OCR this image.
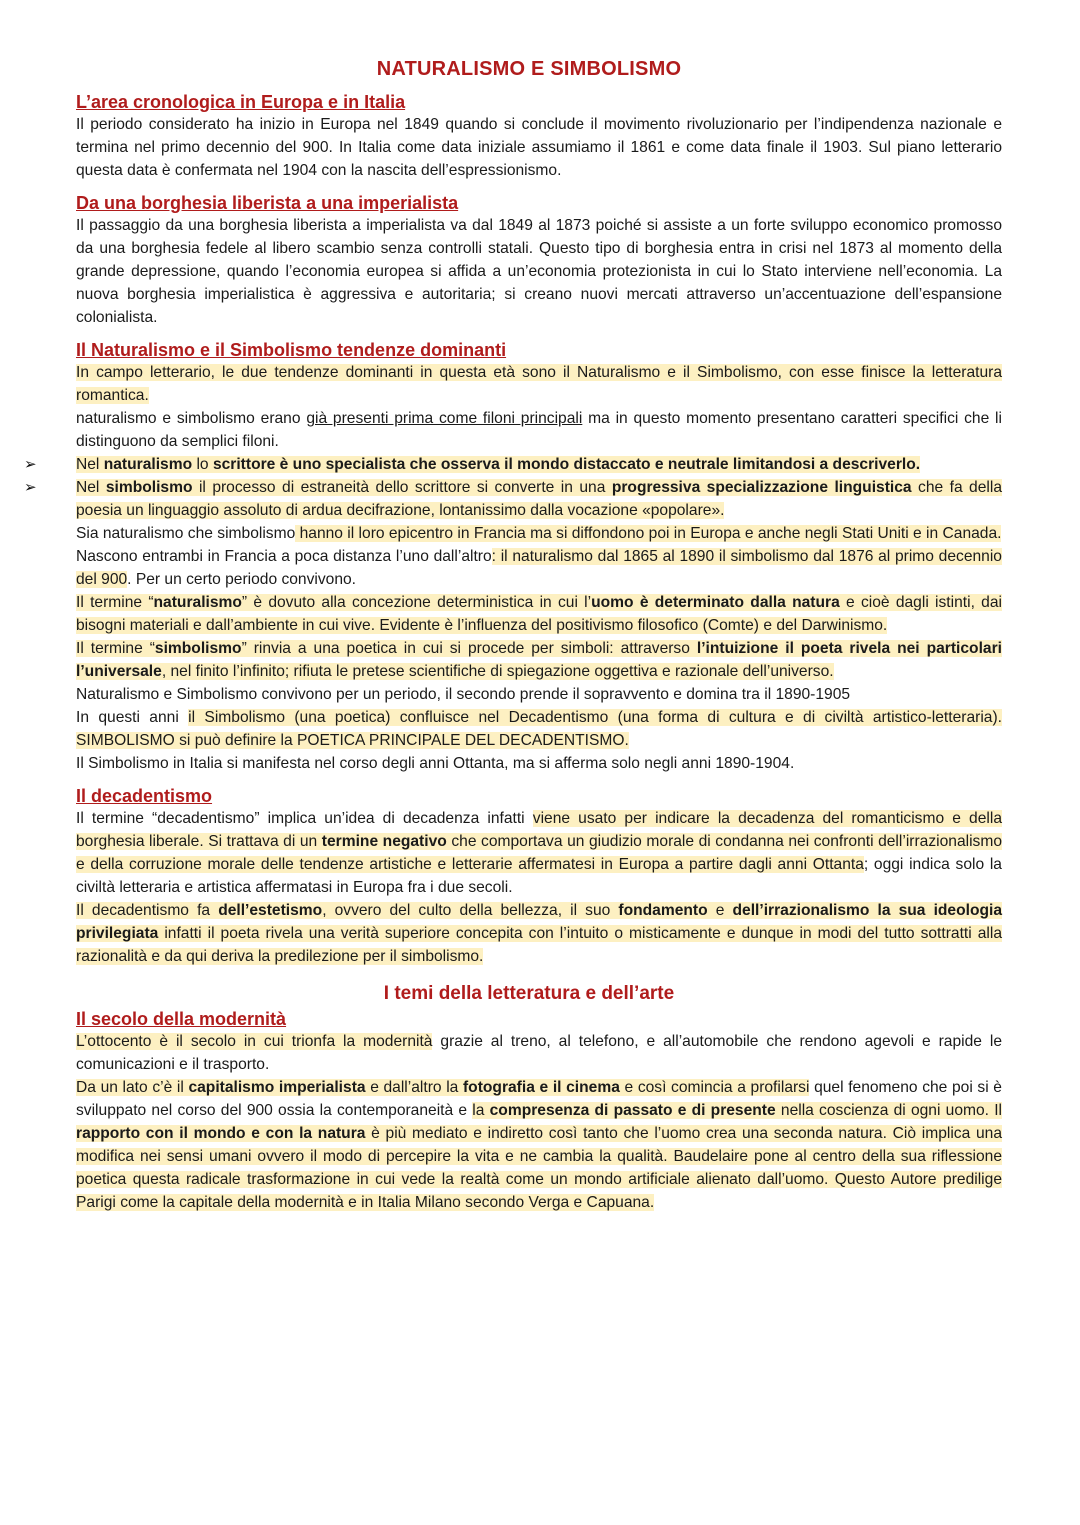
NATURALISMO E SIMBOLISMO
L’area cronologica in Europa e in Italia

Il periodo considerato ha inizio in Europa nel 1849 quando si conclude il movimento rivoluzionario per l’indipendenza nazionale e termina nel primo decennio del 900. In Italia come data iniziale assumiamo il 1861 e come data finale il 1903. Sul piano letterario questa data è confermata nel 1904 con la nascita dell’espressionismo.

Da una borghesia liberista a una imperialista

Il passaggio da una borghesia liberista a imperialista va dal 1849 al 1873 poiché si assiste a un forte sviluppo economico promosso da una borghesia fedele al libero scambio senza controlli statali. Questo tipo di borghesia entra in crisi nel 1873 al momento della grande depressione, quando l’economia europea si affida a un’economia protezionista in cui lo Stato interviene nell’economia. La nuova borghesia imperialistica è aggressiva e autoritaria; si creano nuovi mercati attraverso un’accentuazione dell’espansione colonialista.

Il Naturalismo e il Simbolismo tendenze dominanti

In campo letterario, le due tendenze dominanti in questa età sono il Naturalismo e il Simbolismo, con esse finisce la letteratura romantica.

naturalismo e simbolismo erano già presenti prima come filoni principali ma in questo momento presentano caratteri specifici che li distinguono da semplici filoni.

➢	Nel naturalismo lo scrittore è uno specialista che osserva il mondo distaccato e neutrale limitandosi a descriverlo.

➢	Nel simbolismo il processo di estraneità dello scrittore si converte in una progressiva specializzazione linguistica che fa della poesia un linguaggio assoluto di ardua decifrazione, lontanissimo dalla vocazione «popolare».

Sia naturalismo che simbolismo hanno il loro epicentro in Francia ma si diffondono poi in Europa e anche negli Stati Uniti e in Canada.

Nascono entrambi in Francia a poca distanza l’uno dall’altro: il naturalismo dal 1865 al 1890 il simbolismo dal 1876 al primo decennio del 900. Per un certo periodo convivono.

Il termine “naturalismo” è dovuto alla concezione deterministica in cui l’uomo è determinato dalla natura e cioè dagli istinti, dai bisogni materiali e dall’ambiente in cui vive. Evidente è l’influenza del positivismo filosofico (Comte) e del Darwinismo.

Il termine “simbolismo” rinvia a una poetica in cui si procede per simboli: attraverso l’intuizione il poeta rivela nei particolari l’universale, nel finito l’infinito; rifiuta le pretese scientifiche di spiegazione oggettiva e razionale dell’universo.

Naturalismo e Simbolismo convivono per un periodo, il secondo prende il sopravvento e domina tra il 1890-1905

In questi anni il Simbolismo (una poetica) confluisce nel Decadentismo (una forma di cultura e di civiltà artistico-letteraria). SIMBOLISMO si può definire la POETICA PRINCIPALE DEL DECADENTISMO.

Il Simbolismo in Italia si manifesta nel corso degli anni Ottanta, ma si afferma solo negli anni 1890-1904.

Il decadentismo

Il termine “decadentismo” implica un’idea di decadenza infatti viene usato per indicare la decadenza del romanticismo e della borghesia liberale. Si trattava di un termine negativo che comportava un giudizio morale di condanna nei confronti dell’irrazionalismo e della corruzione morale delle tendenze artistiche e letterarie affermatesi in Europa a partire dagli anni Ottanta; oggi indica solo la civiltà letteraria e artistica affermatasi in Europa fra i due secoli.

Il decadentismo fa dell’estetismo, ovvero del culto della bellezza, il suo fondamento e dell’irrazionalismo la sua ideologia privilegiata infatti il poeta rivela una verità superiore concepita con l’intuito o misticamente e dunque in modi del tutto sottratti alla razionalità e da qui deriva la predilezione per il simbolismo.

I temi della letteratura e dell’arte
Il secolo della modernità

L’ottocento è il secolo in cui trionfa la modernità grazie al treno, al telefono, e all’automobile che rendono agevoli e rapide le comunicazioni e il trasporto.

Da un lato c’è il capitalismo imperialista e dall’altro la fotografia e il cinema e così comincia a profilarsi quel fenomeno che poi si è sviluppato nel corso del 900 ossia la contemporaneità e la compresenza di passato e di presente nella coscienza di ogni uomo. Il rapporto con il mondo e con la natura è più mediato e indiretto così tanto che l’uomo crea una seconda natura. Ciò implica una modifica nei sensi umani ovvero il modo di percepire la vita e ne cambia la qualità. Baudelaire pone al centro della sua riflessione poetica questa radicale trasformazione in cui vede la realtà come un mondo artificiale alienato dall’uomo. Questo Autore predilige Parigi come la capitale della modernità e in Italia Milano secondo Verga e Capuana.
